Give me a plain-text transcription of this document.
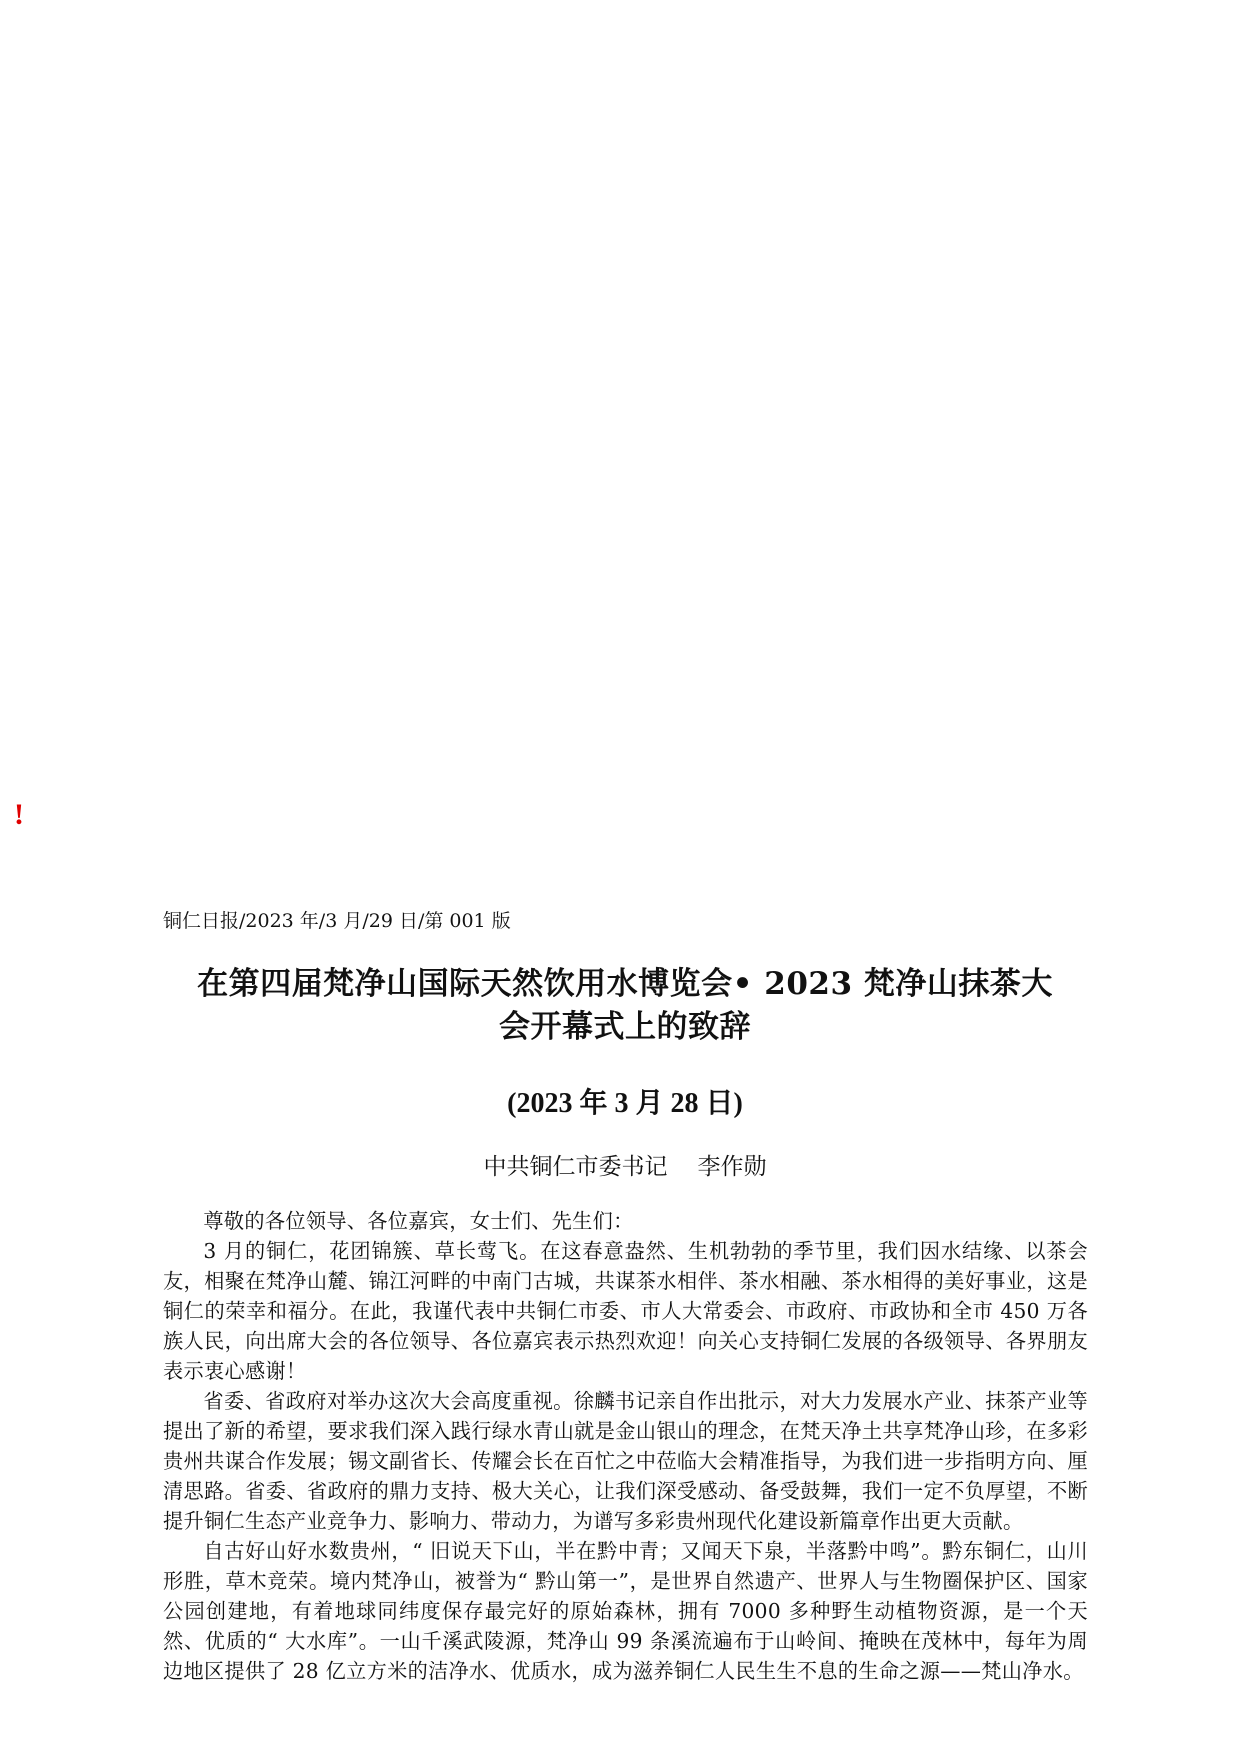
!
铜仁日报/2023 年/3 月/29 日/第 001 版
在第四届梵净山国际天然饮用水博览会• 2023 梵净山抹茶大
会开幕式上的致辞
(2023 年 3 月 28 日)
中共铜仁市委书记 李作勋

尊敬的各位领导、各位嘉宾，女士们、先生们：

3 月的铜仁，花团锦簇、草长莺飞。在这春意盎然、生机勃勃的季节里，我们因水结缘、以茶会友，相聚在梵净山麓、锦江河畔的中南门古城，共谋茶水相伴、茶水相融、茶水相得的美好事业，这是铜仁的荣幸和福分。在此，我谨代表中共铜仁市委、市人大常委会、市政府、市政协和全市 450 万各族人民，向出席大会的各位领导、各位嘉宾表示热烈欢迎！向关心支持铜仁发展的各级领导、各界朋友表示衷心感谢！

省委、省政府对举办这次大会高度重视。徐麟书记亲自作出批示，对大力发展水产业、抹茶产业等提出了新的希望，要求我们深入践行绿水青山就是金山银山的理念，在梵天净土共享梵净山珍，在多彩贵州共谋合作发展；锡文副省长、传耀会长在百忙之中莅临大会精准指导，为我们进一步指明方向、厘清思路。省委、省政府的鼎力支持、极大关心，让我们深受感动、备受鼓舞，我们一定不负厚望，不断提升铜仁生态产业竞争力、影响力、带动力，为谱写多彩贵州现代化建设新篇章作出更大贡献。

自古好山好水数贵州，“ 旧说天下山，半在黔中青；又闻天下泉，半落黔中鸣”。黔东铜仁，山川形胜，草木竞荣。境内梵净山，被誉为“ 黔山第一”，是世界自然遗产、世界人与生物圈保护区、国家公园创建地，有着地球同纬度保存最完好的原始森林，拥有 7000 多种野生动植物资源，是一个天然、优质的“ 大水库”。一山千溪武陵源，梵净山 99 条溪流遍布于山岭间、掩映在茂林中，每年为周边地区提供了 28 亿立方米的洁净水、优质水，成为滋养铜仁人民生生不息的生命之源——梵山净水。
